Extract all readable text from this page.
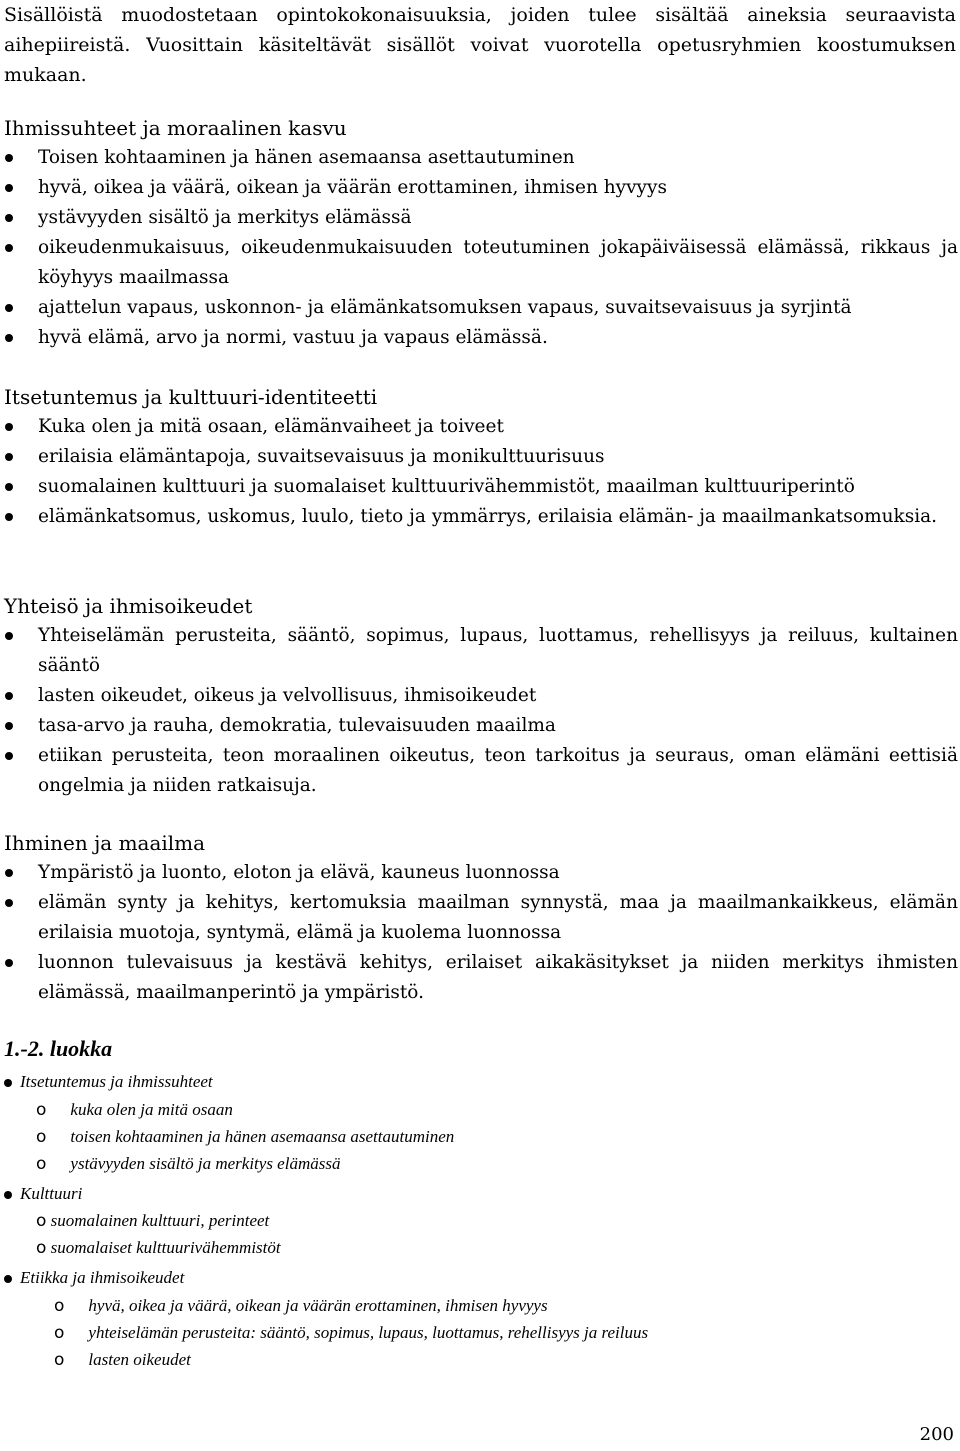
Sisällöistä muodostetaan opintokokonaisuuksia, joiden tulee sisältää aineksia seuraavista aihepiireistä. Vuosittain käsiteltävät sisällöt voivat vuorotella opetusryhmien koostumuksen mukaan.

Ihmissuhteet ja moraalinen kasvu

Toisen kohtaaminen ja hänen asemaansa asettautuminen
hyvä, oikea ja väärä, oikean ja väärän erottaminen, ihmisen hyvyys
ystävyyden sisältö ja merkitys elämässä
oikeudenmukaisuus, oikeudenmukaisuuden toteutuminen jokapäiväisessä elämässä, rikkaus ja köyhyys maailmassa
ajattelun vapaus, uskonnon- ja elämänkatsomuksen vapaus, suvaitsevaisuus ja syrjintä
hyvä elämä, arvo ja normi, vastuu ja vapaus elämässä.

Itsetuntemus ja kulttuuri-identiteetti

Kuka olen ja mitä osaan, elämänvaiheet ja toiveet
erilaisia elämäntapoja, suvaitsevaisuus ja monikulttuurisuus
suomalainen kulttuuri ja suomalaiset kulttuurivähemmistöt, maailman kulttuuriperintö
elämänkatsomus, uskomus, luulo, tieto ja ymmärrys, erilaisia elämän- ja maailmankatsomuksia.

Yhteisö ja ihmisoikeudet

Yhteiselämän perusteita, sääntö, sopimus, lupaus, luottamus, rehellisyys ja reiluus, kultainen sääntö
lasten oikeudet, oikeus ja velvollisuus, ihmisoikeudet
tasa-arvo ja rauha, demokratia, tulevaisuuden maailma
etiikan perusteita, teon moraalinen oikeutus, teon tarkoitus ja seuraus, oman elämäni eettisiä ongelmia ja niiden ratkaisuja.

Ihminen ja maailma

Ympäristö ja luonto, eloton ja elävä, kauneus luonnossa
elämän synty ja kehitys, kertomuksia maailman synnystä, maa ja maailmankaikkeus, elämän erilaisia muotoja, syntymä, elämä ja kuolema luonnossa
luonnon tulevaisuus ja kestävä kehitys, erilaiset aikakäsitykset ja niiden merkitys ihmisten elämässä, maailmanperintö ja ympäristö.

1.-2. luokka

Itsetuntemus ja ihmissuhteet
o kuka olen ja mitä osaan
o toisen kohtaaminen ja hänen asemaansa asettautuminen
o ystävyyden sisältö ja merkitys elämässä
Kulttuuri
o suomalainen kulttuuri, perinteet
o suomalaiset kulttuurivähemmistöt
Etiikka ja ihmisoikeudet
o hyvä, oikea ja väärä, oikean ja väärän erottaminen, ihmisen hyvyys
o yhteiselämän perusteita: sääntö, sopimus, lupaus, luottamus, rehellisyys ja reiluus
o lasten oikeudet
200
